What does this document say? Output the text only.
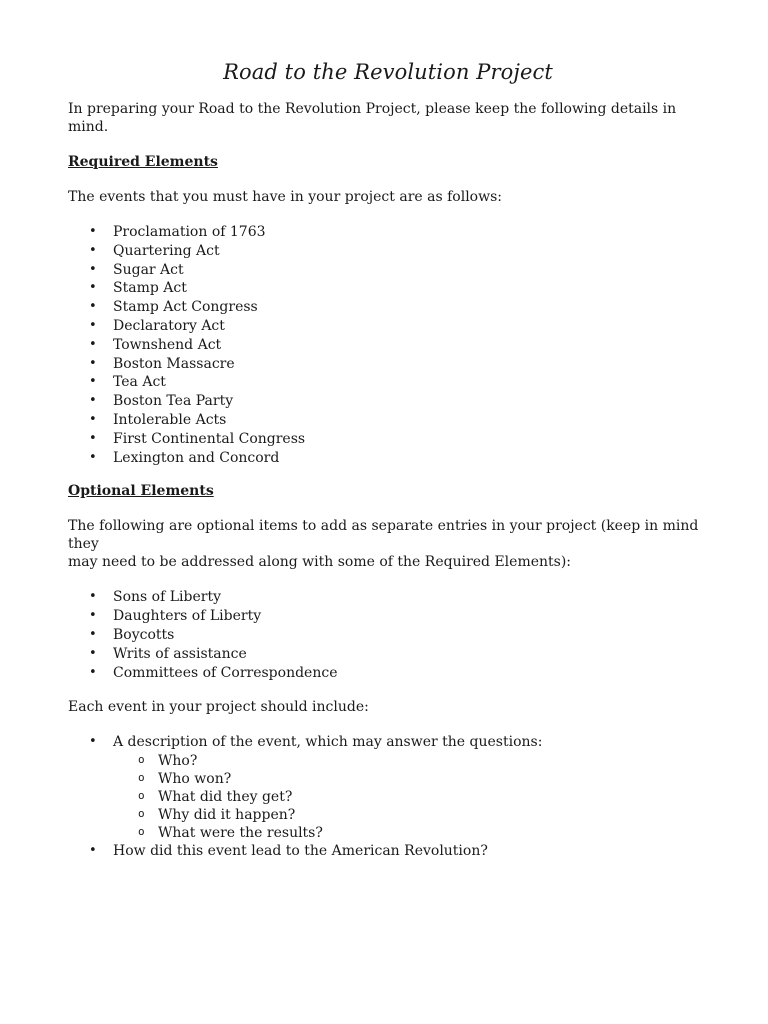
Road to the Revolution Project

In preparing your Road to the Revolution Project, please keep the following details in mind.

Required Elements

The events that you must have in your project are as follows:

• Proclamation of 1763
• Quartering Act
• Sugar Act
• Stamp Act
• Stamp Act Congress
• Declaratory Act
• Townshend Act
• Boston Massacre
• Tea Act
• Boston Tea Party
• Intolerable Acts
• First Continental Congress
• Lexington and Concord
Optional Elements

The following are optional items to add as separate entries in your project (keep in mind they
may need to be addressed along with some of the Required Elements):

• Sons of Liberty
• Daughters of Liberty
• Boycotts
• Writs of assistance
• Committees of Correspondence

Each event in your project should include:

• A description of the event, which may answer the questions:
o Who?
o Who won?
o What did they get?
o Why did it happen?
o What were the results?
• How did this event lead to the American Revolution?
